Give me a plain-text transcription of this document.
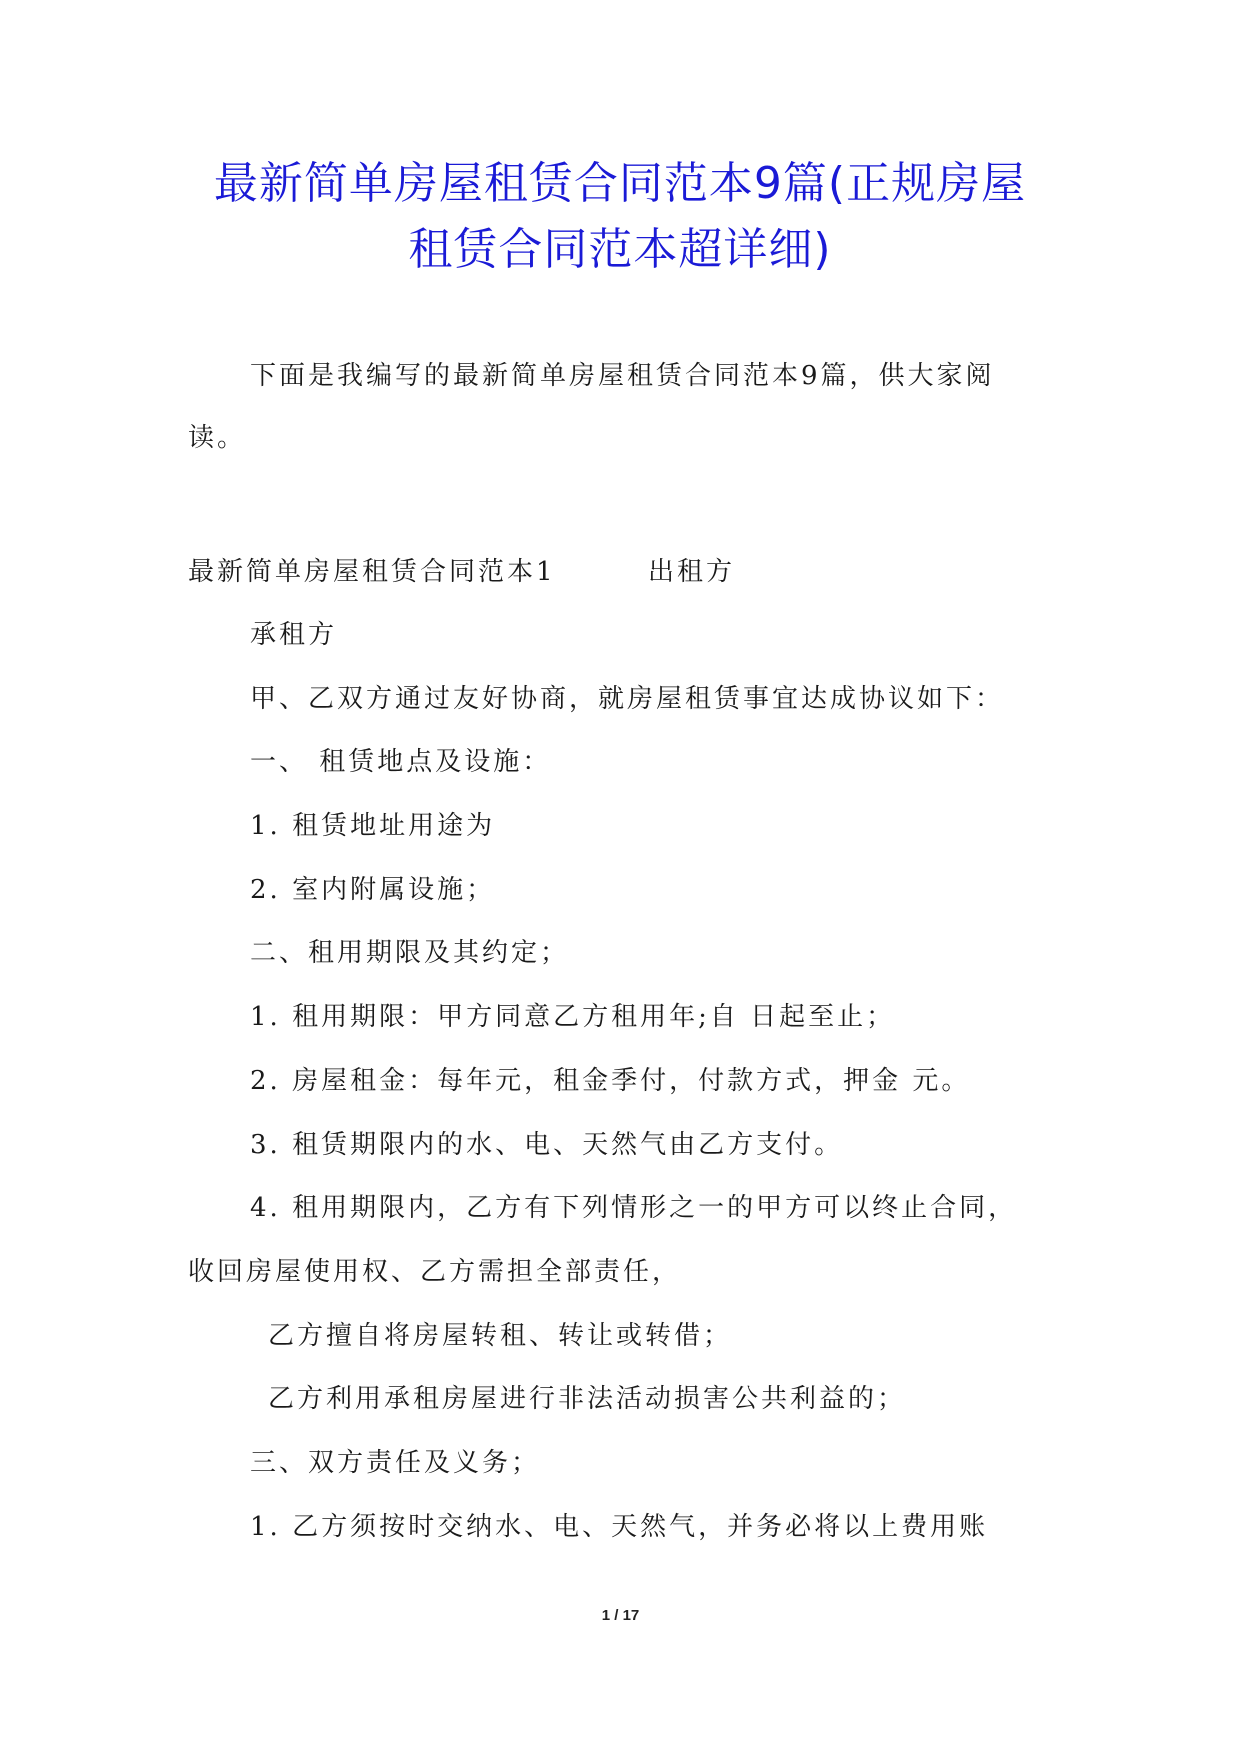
最新简单房屋租赁合同范本9篇(正规房屋
租赁合同范本超详细)
下面是我编写的最新简单房屋租赁合同范本9篇，供大家阅
读。
最新简单房屋租赁合同范本1	出租方
承租方
甲、乙双方通过友好协商，就房屋租赁事宜达成协议如下：
一、 租赁地点及设施：
1. 租赁地址用途为
2. 室内附属设施；
二、租用期限及其约定；
1. 租用期限：甲方同意乙方租用年;自 日起至止；
2. 房屋租金：每年元，租金季付，付款方式，押金 元。
3. 租赁期限内的水、电、天然气由乙方支付。
4. 租用期限内，乙方有下列情形之一的甲方可以终止合同，
收回房屋使用权、乙方需担全部责任，
乙方擅自将房屋转租、转让或转借；
乙方利用承租房屋进行非法活动损害公共利益的；
三、双方责任及义务；
1. 乙方须按时交纳水、电、天然气，并务必将以上费用账
1 / 17
